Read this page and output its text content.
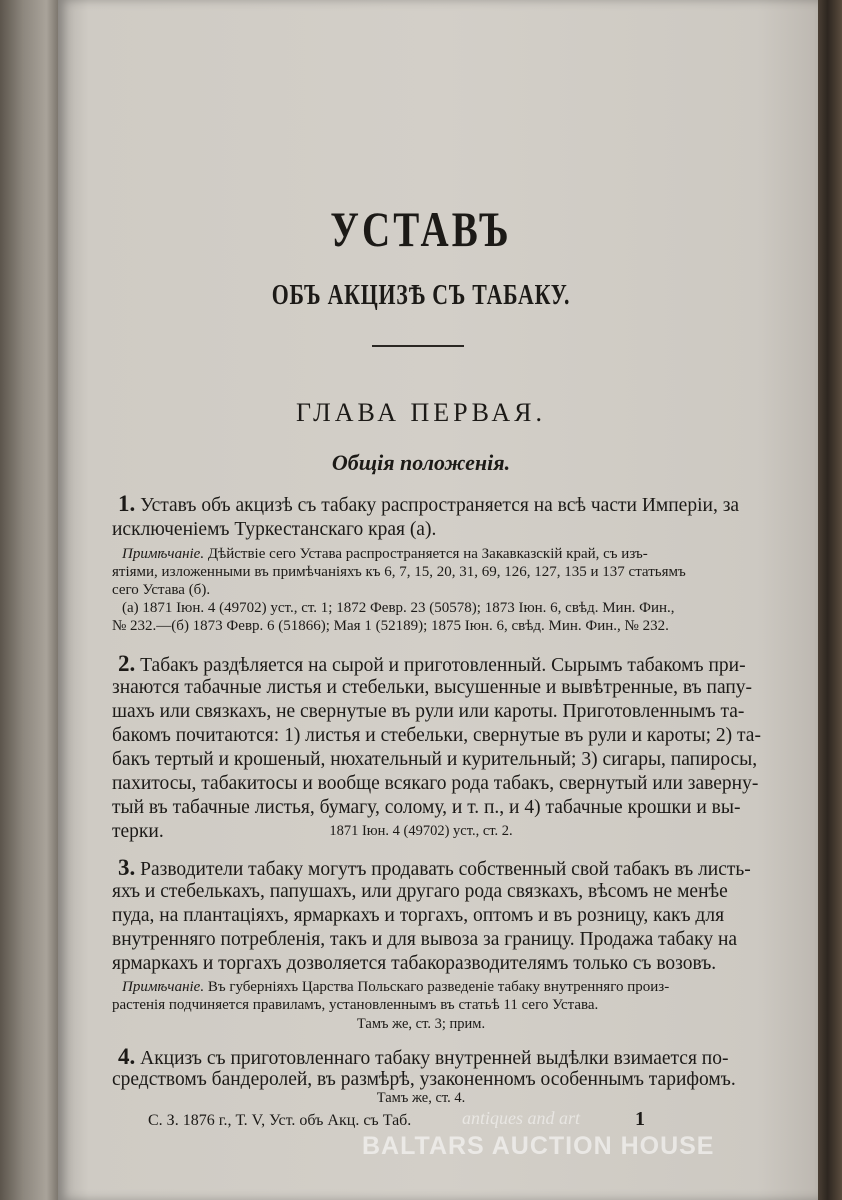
УСТАВЪ
ОБЪ АКЦИЗѢ СЪ ТАБАКУ.
ГЛАВА ПЕРВАЯ.
Общія положенія.
1. Уставъ объ акцизѣ съ табаку распространяется на всѣ части Имперіи, за
исключеніемъ Туркестанскаго края (а).
Примѣчаніе. Дѣйствіе сего Устава распространяется на Закавказскій край, съ изъ-
ятіями, изложенными въ примѣчаніяхъ къ 6, 7, 15, 20, 31, 69, 126, 127, 135 и 137 статьямъ
сего Устава (б).
(а) 1871 Іюн. 4 (49702) уст., ст. 1; 1872 Февр. 23 (50578); 1873 Іюн. 6, свѣд. Мин. Фин.,
№ 232.—(б) 1873 Февр. 6 (51866); Мая 1 (52189); 1875 Іюн. 6, свѣд. Мин. Фин., № 232.
2. Табакъ раздѣляется на сырой и приготовленный. Сырымъ табакомъ при-
знаются табачные листья и стебельки, высушенные и вывѣтренные, въ папу-
шахъ или связкахъ, не свернутые въ рули или кароты. Приготовленнымъ та-
бакомъ почитаются: 1) листья и стебельки, свернутые въ рули и кароты; 2) та-
бакъ тертый и крошеный, нюхательный и курительный; 3) сигары, папиросы,
пахитосы, табакитосы и вообще всякаго рода табакъ, свернутый или заверну-
тый въ табачные листья, бумагу, солому, и т. п., и 4) табачные крошки и вы-
терки.	1871 Іюн. 4 (49702) уст., ст. 2.
3. Разводители табаку могутъ продавать собственный свой табакъ въ листь-
яхъ и стебелькахъ, папушахъ, или другаго рода связкахъ, вѣсомъ не менѣе
пуда, на плантаціяхъ, ярмаркахъ и торгахъ, оптомъ и въ розницу, какъ для
внутренняго потребленія, такъ и для вывоза за границу. Продажа табаку на
ярмаркахъ и торгахъ дозволяется табакоразводителямъ только съ возовъ.
Примѣчаніе. Въ губерніяхъ Царства Польскаго разведеніе табаку внутренняго произ-
растенія подчиняется правиламъ, установленнымъ въ статьѣ 11 сего Устава.
Тамъ же, ст. 3; прим.
4. Акцизъ съ приготовленнаго табаку внутренней выдѣлки взимается по-
средствомъ бандеролей, въ размѣрѣ, узаконенномъ особеннымъ тарифомъ.
Тамъ же, ст. 4.
С. З. 1876 г., Т. V, Уст. объ Акц. съ Таб.	1
antiques and art
BALTARS AUCTION HOUSE
